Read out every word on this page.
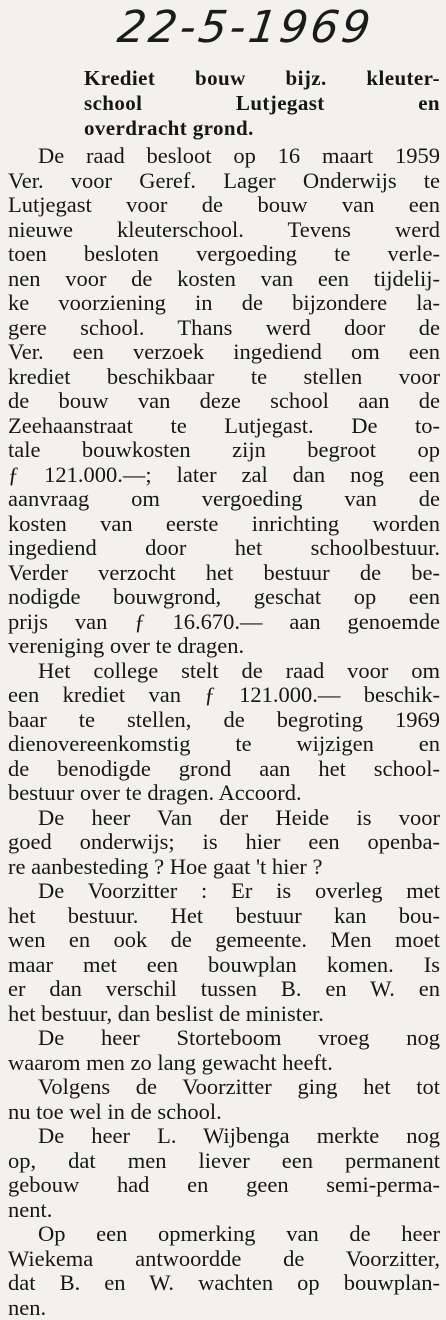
22-5-1969
Krediet bouw bijz. kleuter-
school Lutjegast en
overdracht grond.
De raad besloot op 16 maart 1959
Ver. voor Geref. Lager Onderwijs te
Lutjegast voor de bouw van een
nieuwe kleuterschool. Tevens werd
toen besloten vergoeding te verle-
nen voor de kosten van een tijdelij-
ke voorziening in de bijzondere la-
gere school. Thans werd door de
Ver. een verzoek ingediend om een
krediet beschikbaar te stellen voor
de bouw van deze school aan de
Zeehaanstraat te Lutjegast. De to-
tale bouwkosten zijn begroot op
ƒ 121.000.—; later zal dan nog een
aanvraag om vergoeding van de
kosten van eerste inrichting worden
ingediend door het schoolbestuur.
Verder verzocht het bestuur de be-
nodigde bouwgrond, geschat op een
prijs van ƒ 16.670.— aan genoemde
vereniging over te dragen.
Het college stelt de raad voor om
een krediet van ƒ 121.000.— beschik-
baar te stellen, de begroting 1969
dienovereenkomstig te wijzigen en
de benodigde grond aan het school-
bestuur over te dragen. Accoord.
De heer Van der Heide is voor
goed onderwijs; is hier een openba-
re aanbesteding ? Hoe gaat 't hier ?
De Voorzitter : Er is overleg met
het bestuur. Het bestuur kan bou-
wen en ook de gemeente. Men moet
maar met een bouwplan komen. Is
er dan verschil tussen B. en W. en
het bestuur, dan beslist de minister.
De heer Storteboom vroeg nog
waarom men zo lang gewacht heeft.
Volgens de Voorzitter ging het tot
nu toe wel in de school.
De heer L. Wijbenga merkte nog
op, dat men liever een permanent
gebouw had en geen semi-perma-
nent.
Op een opmerking van de heer
Wiekema antwoordde de Voorzitter,
dat B. en W. wachten op bouwplan-
nen.
